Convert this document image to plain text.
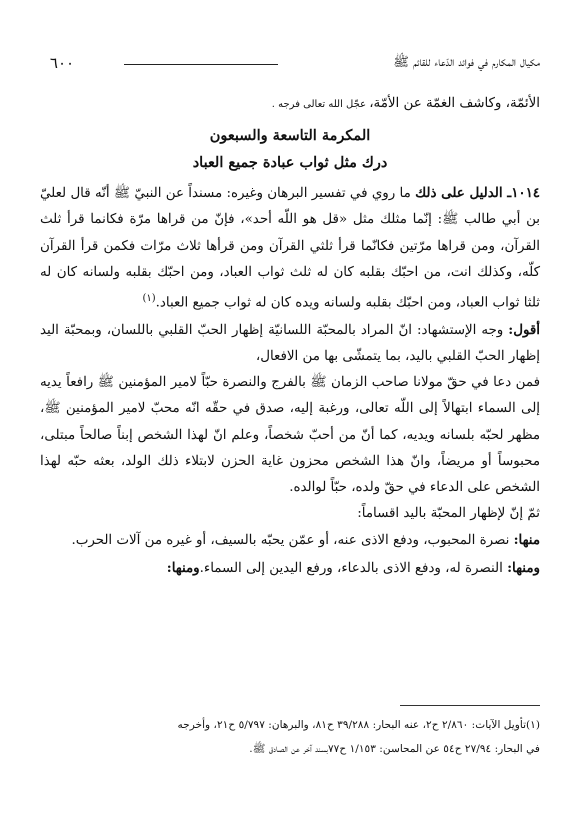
مكيال المكارم في فوائد الدّعاء للقائم ﷺ
٦٠٠

الأئمّة، وكاشف الغمّة عن الأمّة، عجّل الله تعالى فرجه .

المكرمة التاسعة والسبعون

درك مثل ثواب عبادة جميع العباد

١٠١٤ـ الدليل على ذلك ما روي في تفسير البرهان وغيره: مسنداً عن النبيّ ﷺ أنّه قال لعليّ بن أبي طالب ﷺ: إنّما مثلك مثل «قل هو اللّه أحد»، فإنّ من قراها مرّة فكانما قرأ ثلث القرآن، ومن قراها مرّتين فكانّما قرأ ثلثي القرآن ومن قرأها ثلاث مرّات فكمن قرأ القرآن كلّه، وكذلك انت، من احبّك بقلبه كان له ثلث ثواب العباد، ومن احبّك بقلبه ولسانه كان له ثلثا ثواب العباد، ومن احبّك بقلبه ولسانه ويده كان له ثواب جميع العباد.$^{(١)}$

أقول: وجه الإستشهاد: انّ المراد بالمحبّة اللسانيّة إظهار الحبّ القلبي باللسان، وبمحبّة اليد إظهار الحبّ القلبي باليد، بما يتمشّى بها من الافعال،

فمن دعا في حقّ مولانا صاحب الزمان ﷺ بالفرج والنصرة حبّاً لامير المؤمنين ﷺ رافعاً يديه إلى السماء ابتهالاً إلى اللّه تعالى، ورغبة إليه، صدق في حقّه انّه محبّ لامير المؤمنين ﷺ، مظهر لحبّه بلسانه ويديه، كما أنّ من أحبّ شخصاً، وعلم انّ لهذا الشخص إبناً صالحاً مبتلى، محبوساً أو مريضاً، وانّ هذا الشخص محزون غاية الحزن لابتلاء ذلك الولد، بعثه حبّه لهذا الشخص على الدعاء في حقّ ولده، حبّاً لوالده.

ثمّ إنّ لإظهار المحبّة باليد اقساماً:

منها: نصرة المحبوب، ودفع الاذى عنه، أو عمّن يحبّه بالسيف، أو غيره من آلات الحرب.

ومنها: النصرة له، ودفع الاذى بالدعاء، ورفع اليدين إلى السماء.ومنها:

(١)تأويل الآيات: ٢/٨٦٠ ح٢، عنه البحار: ٣٩/٢٨٨ ح٨١، والبرهان: ٥/٧٩٧ ح٢١، وأخرجه

في البحار: ٢٧/٩٤ ح٥٤ عن المحاسن: ١/١٥٣ ح٧٧بسند آخر عن الصادق ﷺ.
